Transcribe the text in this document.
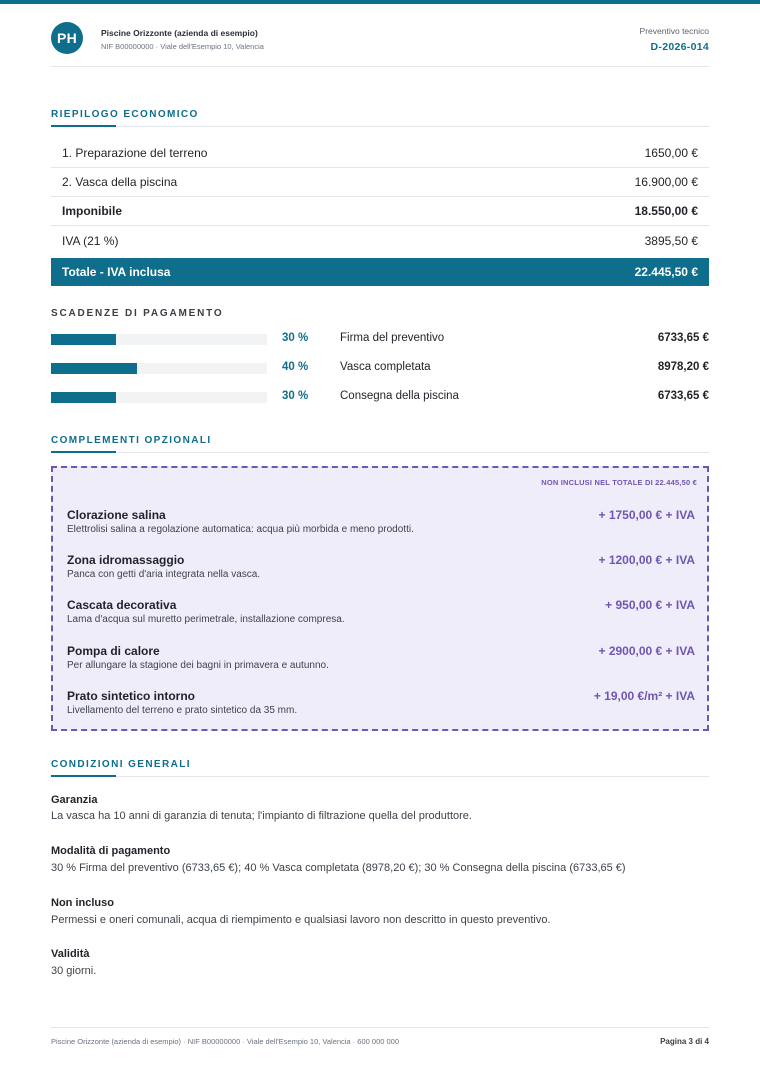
PH	Piscine Orizzonte (azienda di esempio)
NIF B00000000 · Viale dell'Esempio 10, Valencia
Preventivo tecnico
D-2026-014
RIEPILOGO ECONOMICO
1. Preparazione del terreno	1650,00 €
2. Vasca della piscina	16.900,00 €
Imponibile	18.550,00 €
IVA (21 %)	3895,50 €
Totale - IVA inclusa	22.445,50 €
SCADENZE DI PAGAMENTO
30 %	Firma del preventivo	6733,65 €
40 %	Vasca completata	8978,20 €
30 %	Consegna della piscina	6733,65 €
COMPLEMENTI OPZIONALI
NON INCLUSI NEL TOTALE DI 22.445,50 €
Clorazione salina
Elettrolisi salina a regolazione automatica: acqua più morbida e meno prodotti.
+ 1750,00 € + IVA
Zona idromassaggio
Panca con getti d'aria integrata nella vasca.
+ 1200,00 € + IVA
Cascata decorativa
Lama d'acqua sul muretto perimetrale, installazione compresa.
+ 950,00 € + IVA
Pompa di calore
Per allungare la stagione dei bagni in primavera e autunno.
+ 2900,00 € + IVA
Prato sintetico intorno
Livellamento del terreno e prato sintetico da 35 mm.
+ 19,00 €/m² + IVA
CONDIZIONI GENERALI
Garanzia
La vasca ha 10 anni di garanzia di tenuta; l'impianto di filtrazione quella del produttore.
Modalità di pagamento
30 % Firma del preventivo (6733,65 €); 40 % Vasca completata (8978,20 €); 30 % Consegna della piscina (6733,65 €)
Non incluso
Permessi e oneri comunali, acqua di riempimento e qualsiasi lavoro non descritto in questo preventivo.
Validità
30 giorni.
Piscine Orizzonte (azienda di esempio) · NIF B00000000 · Viale dell'Esempio 10, Valencia · 600 000 000	Pagina 3 di 4
